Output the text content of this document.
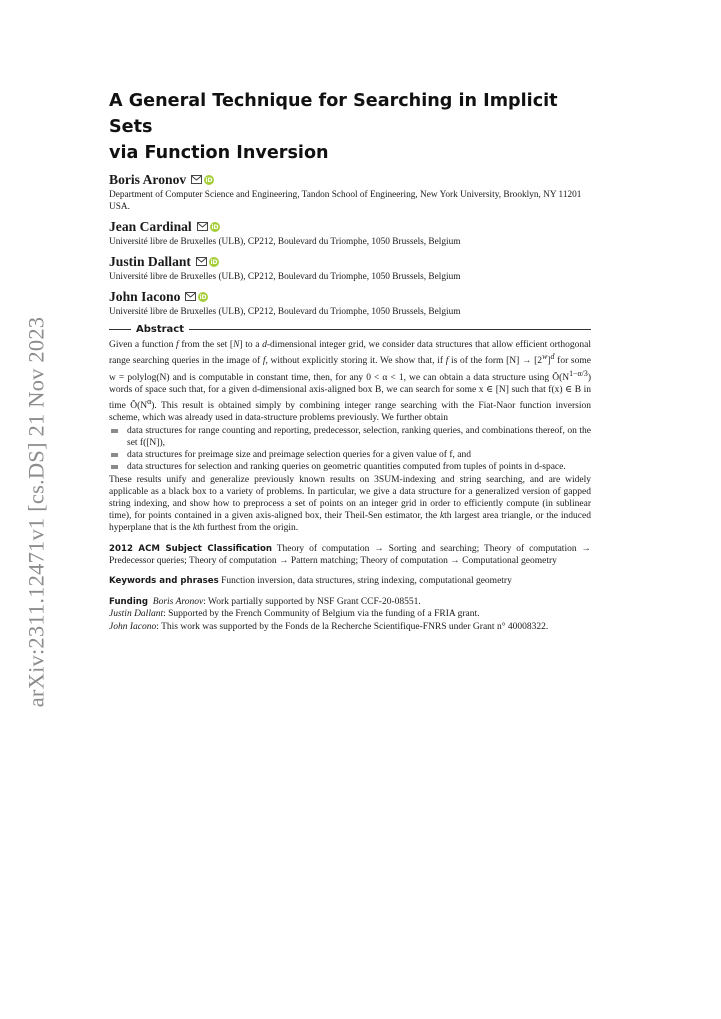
arXiv:2311.12471v1 [cs.DS] 21 Nov 2023
A General Technique for Searching in Implicit Sets
via Function Inversion
Boris Aronov	iD
Department of Computer Science and Engineering, Tandon School of Engineering, New York University, Brooklyn, NY 11201 USA.
Jean Cardinal	iD
Université libre de Bruxelles (ULB), CP212, Boulevard du Triomphe, 1050 Brussels, Belgium
Justin Dallant	iD
Université libre de Bruxelles (ULB), CP212, Boulevard du Triomphe, 1050 Brussels, Belgium
John Iacono	iD
Université libre de Bruxelles (ULB), CP212, Boulevard du Triomphe, 1050 Brussels, Belgium
Abstract

Given a function f from the set [N] to a d-dimensional integer grid, we consider data structures that allow efficient orthogonal range searching queries in the image of f, without explicitly storing it. We show that, if f is of the form $[N] \to [2^w]^d$ for some w = polylog(N) and is computable in constant time, then, for any 0 < α < 1, we can obtain a data structure using $Õ(N^{1-\alpha/3})$ words of space such that, for a given d-dimensional axis-aligned box B, we can search for some x ∈ [N] such that f(x) ∈ B in time $Õ(N^\alpha)$. This result is obtained simply by combining integer range searching with the Fiat-Naor function inversion scheme, which was already used in data-structure problems previously. We further obtain

data structures for range counting and reporting, predecessor, selection, ranking queries, and combinations thereof, on the set f([N]),
data structures for preimage size and preimage selection queries for a given value of f, and
data structures for selection and ranking queries on geometric quantities computed from tuples of points in d-space.

These results unify and generalize previously known results on 3SUM-indexing and string searching, and are widely applicable as a black box to a variety of problems. In particular, we give a data structure for a generalized version of gapped string indexing, and show how to preprocess a set of points on an integer grid in order to efficiently compute (in sublinear time), for points contained in a given axis-aligned box, their Theil-Sen estimator, the kth largest area triangle, or the induced hyperplane that is the kth furthest from the origin.

2012 ACM Subject Classification Theory of computation → Sorting and searching; Theory of computation → Predecessor queries; Theory of computation → Pattern matching; Theory of computation → Computational geometry
Keywords and phrases Function inversion, data structures, string indexing, computational geometry

Funding Boris Aronov: Work partially supported by NSF Grant CCF-20-08551.

Justin Dallant: Supported by the French Community of Belgium via the funding of a FRIA grant.

John Iacono: This work was supported by the Fonds de la Recherche Scientifique-FNRS under Grant n° 40008322.
